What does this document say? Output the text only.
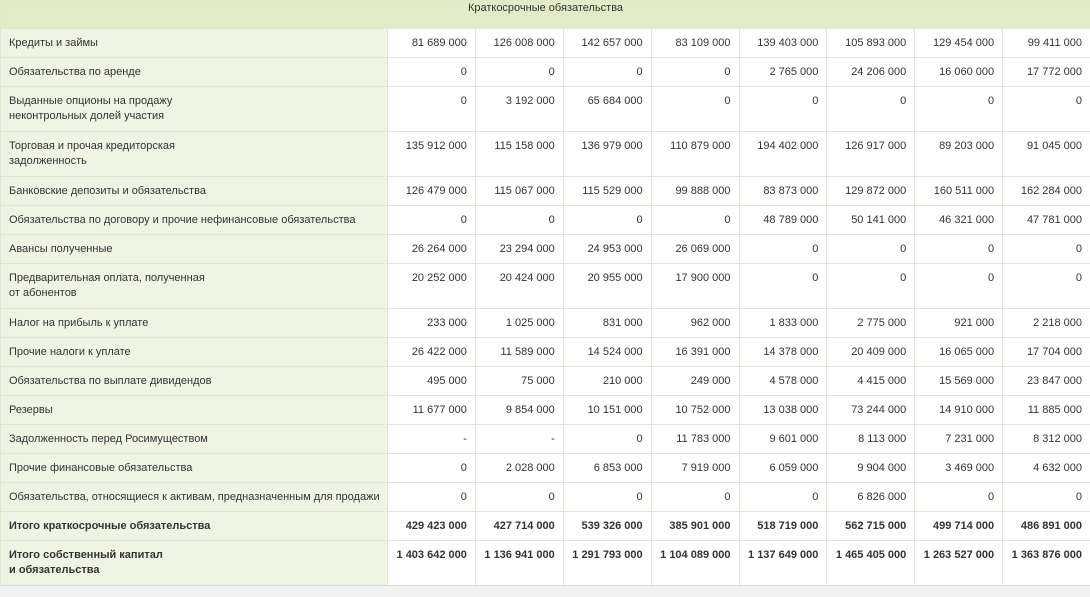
Краткосрочные обязательства								
Кредиты и займы	81 689 000	126 008 000	142 657 000	83 109 000	139 403 000	105 893 000	129 454 000	99 411 000
Обязательства по аренде	0	0	0	0	2 765 000	24 206 000	16 060 000	17 772 000
Выданные опционы на продажу
неконтрольных долей участия	0	3 192 000	65 684 000	0	0	0	0	0
Торговая и прочая кредиторская
задолженность	135 912 000	115 158 000	136 979 000	110 879 000	194 402 000	126 917 000	89 203 000	91 045 000
Банковские депозиты и обязательства	126 479 000	115 067 000	115 529 000	99 888 000	83 873 000	129 872 000	160 511 000	162 284 000
Обязательства по договору и прочие нефинансовые обязательства	0	0	0	0	48 789 000	50 141 000	46 321 000	47 781 000
Авансы полученные	26 264 000	23 294 000	24 953 000	26 069 000	0	0	0	0
Предварительная оплата, полученная
от абонентов	20 252 000	20 424 000	20 955 000	17 900 000	0	0	0	0
Налог на прибыль к уплате	233 000	1 025 000	831 000	962 000	1 833 000	2 775 000	921 000	2 218 000
Прочие налоги к уплате	26 422 000	11 589 000	14 524 000	16 391 000	14 378 000	20 409 000	16 065 000	17 704 000
Обязательства по выплате дивидендов	495 000	75 000	210 000	249 000	4 578 000	4 415 000	15 569 000	23 847 000
Резервы	11 677 000	9 854 000	10 151 000	10 752 000	13 038 000	73 244 000	14 910 000	11 885 000
Задолженность перед Росимуществом	-	-	0	11 783 000	9 601 000	8 113 000	7 231 000	8 312 000
Прочие финансовые обязательства	0	2 028 000	6 853 000	7 919 000	6 059 000	9 904 000	3 469 000	4 632 000
Обязательства, относящиеся к активам, предназначенным для продажи	0	0	0	0	0	6 826 000	0	0
Итого краткосрочные обязательства	429 423 000	427 714 000	539 326 000	385 901 000	518 719 000	562 715 000	499 714 000	486 891 000
Итого собственный капитал
и обязательства	1 403 642 000	1 136 941 000	1 291 793 000	1 104 089 000	1 137 649 000	1 465 405 000	1 263 527 000	1 363 876 000
